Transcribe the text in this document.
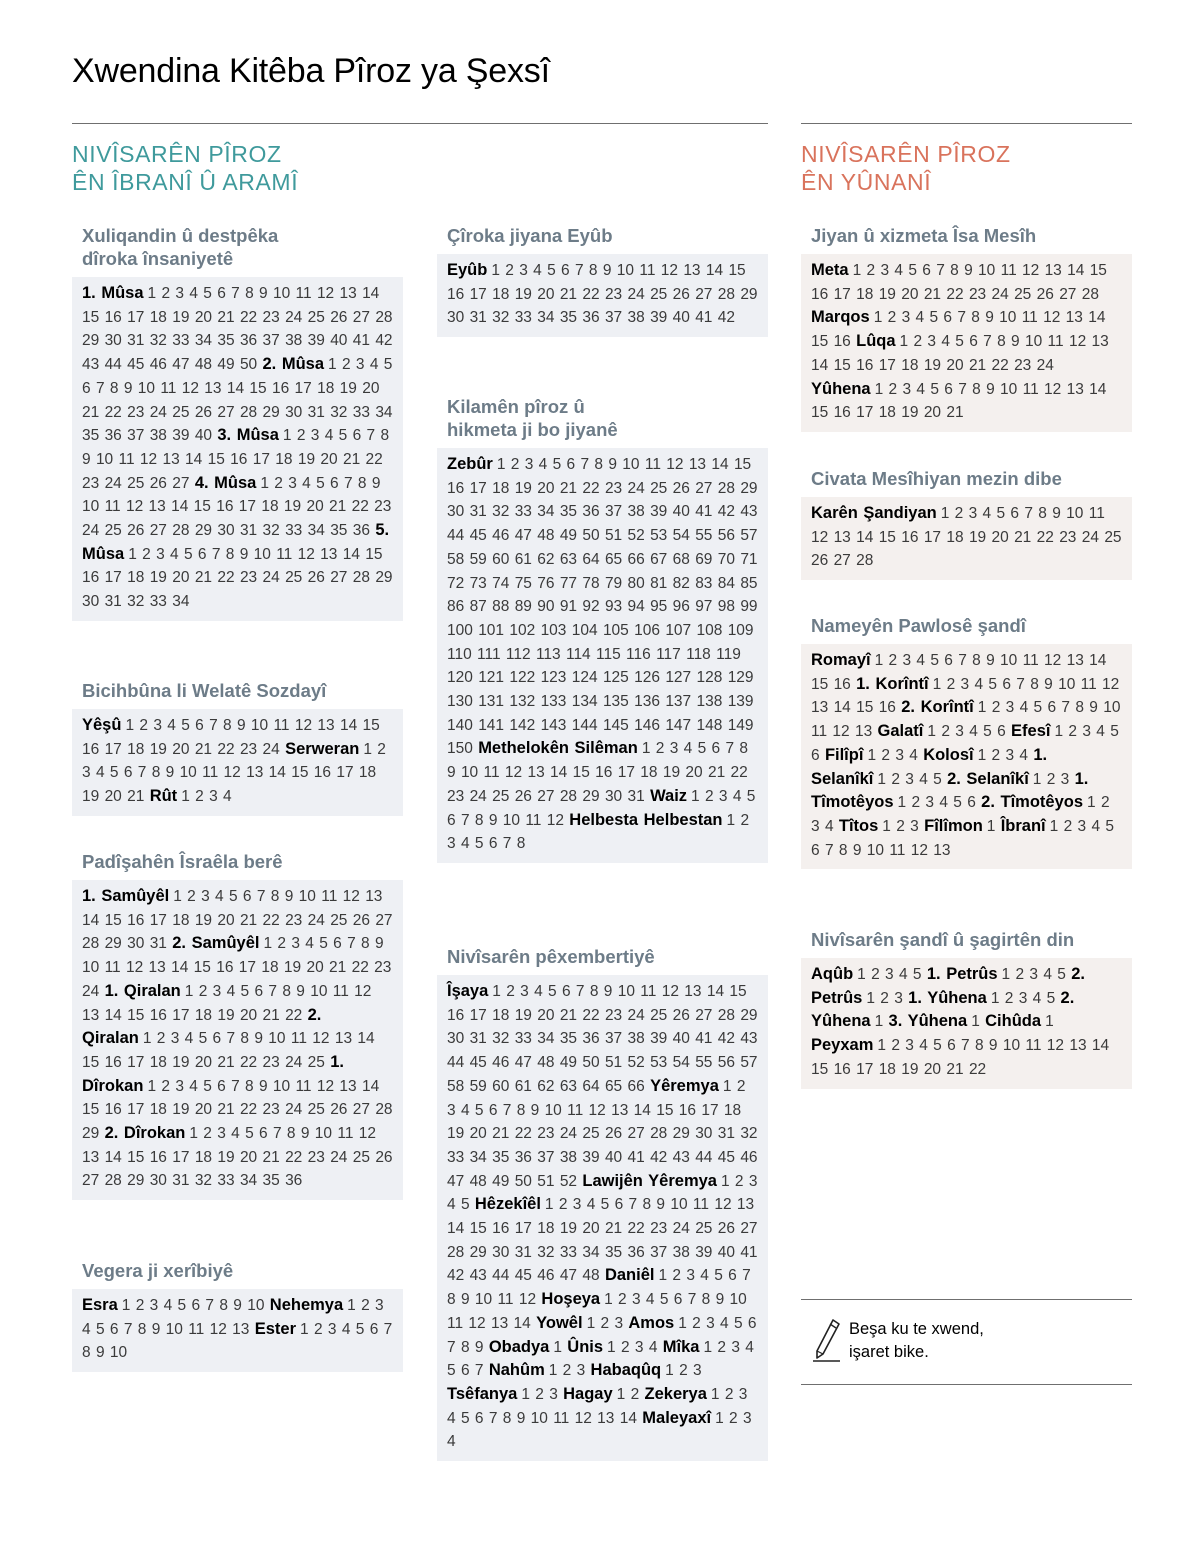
Xwendina Kitêba Pîroz ya Şexsî
NIVÎSARÊN PÎROZ
ÊN ÎBRANÎ Û ARAMÎ
NIVÎSARÊN PÎROZ
ÊN YÛNANÎ
Xuliqandin û destpêka
dîroka însaniyetê
1. Mûsa 1 2 3 4 5 6 7 8 9 10 11 12 13 14 15 16 17 18 19 20 21 22 23 24 25 26 27 28 29 30 31 32 33 34 35 36 37 38 39 40 41 42 43 44 45 46 47 48 49 50 2. Mûsa 1 2 3 4 5 6 7 8 9 10 11 12 13 14 15 16 17 18 19 20 21 22 23 24 25 26 27 28 29 30 31 32 33 34 35 36 37 38 39 40 3. Mûsa 1 2 3 4 5 6 7 8 9 10 11 12 13 14 15 16 17 18 19 20 21 22 23 24 25 26 27 4. Mûsa 1 2 3 4 5 6 7 8 9 10 11 12 13 14 15 16 17 18 19 20 21 22 23 24 25 26 27 28 29 30 31 32 33 34 35 36 5. Mûsa 1 2 3 4 5 6 7 8 9 10 11 12 13 14 15 16 17 18 19 20 21 22 23 24 25 26 27 28 29 30 31 32 33 34
Bicihbûna li Welatê Sozdayî
Yêşû 1 2 3 4 5 6 7 8 9 10 11 12 13 14 15 16 17 18 19 20 21 22 23 24 Serweran 1 2 3 4 5 6 7 8 9 10 11 12 13 14 15 16 17 18 19 20 21 Rût 1 2 3 4
Padîşahên Îsraêla berê
1. Samûyêl 1 2 3 4 5 6 7 8 9 10 11 12 13 14 15 16 17 18 19 20 21 22 23 24 25 26 27 28 29 30 31 2. Samûyêl 1 2 3 4 5 6 7 8 9 10 11 12 13 14 15 16 17 18 19 20 21 22 23 24 1. Qiralan 1 2 3 4 5 6 7 8 9 10 11 12 13 14 15 16 17 18 19 20 21 22 2. Qiralan 1 2 3 4 5 6 7 8 9 10 11 12 13 14 15 16 17 18 19 20 21 22 23 24 25 1. Dîrokan 1 2 3 4 5 6 7 8 9 10 11 12 13 14 15 16 17 18 19 20 21 22 23 24 25 26 27 28 29 2. Dîrokan 1 2 3 4 5 6 7 8 9 10 11 12 13 14 15 16 17 18 19 20 21 22 23 24 25 26 27 28 29 30 31 32 33 34 35 36
Vegera ji xerîbiyê
Esra 1 2 3 4 5 6 7 8 9 10 Nehemya 1 2 3 4 5 6 7 8 9 10 11 12 13 Ester 1 2 3 4 5 6 7 8 9 10
Çîroka jiyana Eyûb
Eyûb 1 2 3 4 5 6 7 8 9 10 11 12 13 14 15 16 17 18 19 20 21 22 23 24 25 26 27 28 29 30 31 32 33 34 35 36 37 38 39 40 41 42
Kilamên pîroz û
hikmeta ji bo jiyanê
Zebûr 1 2 3 4 5 6 7 8 9 10 11 12 13 14 15 16 17 18 19 20 21 22 23 24 25 26 27 28 29 30 31 32 33 34 35 36 37 38 39 40 41 42 43 44 45 46 47 48 49 50 51 52 53 54 55 56 57 58 59 60 61 62 63 64 65 66 67 68 69 70 71 72 73 74 75 76 77 78 79 80 81 82 83 84 85 86 87 88 89 90 91 92 93 94 95 96 97 98 99 100 101 102 103 104 105 106 107 108 109 110 111 112 113 114 115 116 117 118 119 120 121 122 123 124 125 126 127 128 129 130 131 132 133 134 135 136 137 138 139 140 141 142 143 144 145 146 147 148 149 150 Methelokên Silêman 1 2 3 4 5 6 7 8 9 10 11 12 13 14 15 16 17 18 19 20 21 22 23 24 25 26 27 28 29 30 31 Waiz 1 2 3 4 5 6 7 8 9 10 11 12 Helbesta Helbestan 1 2 3 4 5 6 7 8
Nivîsarên pêxembertiyê
Îşaya 1 2 3 4 5 6 7 8 9 10 11 12 13 14 15 16 17 18 19 20 21 22 23 24 25 26 27 28 29 30 31 32 33 34 35 36 37 38 39 40 41 42 43 44 45 46 47 48 49 50 51 52 53 54 55 56 57 58 59 60 61 62 63 64 65 66 Yêremya 1 2 3 4 5 6 7 8 9 10 11 12 13 14 15 16 17 18 19 20 21 22 23 24 25 26 27 28 29 30 31 32 33 34 35 36 37 38 39 40 41 42 43 44 45 46 47 48 49 50 51 52 Lawijên Yêremya 1 2 3 4 5 Hêzekîêl 1 2 3 4 5 6 7 8 9 10 11 12 13 14 15 16 17 18 19 20 21 22 23 24 25 26 27 28 29 30 31 32 33 34 35 36 37 38 39 40 41 42 43 44 45 46 47 48 Daniêl 1 2 3 4 5 6 7 8 9 10 11 12 Hoşeya 1 2 3 4 5 6 7 8 9 10 11 12 13 14 Yowêl 1 2 3 Amos 1 2 3 4 5 6 7 8 9 Obadya 1 Ûnis 1 2 3 4 Mîka 1 2 3 4 5 6 7 Nahûm 1 2 3 Habaqûq 1 2 3 Tsêfanya 1 2 3 Hagay 1 2 Zekerya 1 2 3 4 5 6 7 8 9 10 11 12 13 14 Maleyaxî 1 2 3 4
Jiyan û xizmeta Îsa Mesîh
Meta 1 2 3 4 5 6 7 8 9 10 11 12 13 14 15 16 17 18 19 20 21 22 23 24 25 26 27 28 Marqos 1 2 3 4 5 6 7 8 9 10 11 12 13 14 15 16 Lûqa 1 2 3 4 5 6 7 8 9 10 11 12 13 14 15 16 17 18 19 20 21 22 23 24 Yûhena 1 2 3 4 5 6 7 8 9 10 11 12 13 14 15 16 17 18 19 20 21
Civata Mesîhiyan mezin dibe
Karên Şandiyan 1 2 3 4 5 6 7 8 9 10 11 12 13 14 15 16 17 18 19 20 21 22 23 24 25 26 27 28
Nameyên Pawlosê şandî
Romayî 1 2 3 4 5 6 7 8 9 10 11 12 13 14 15 16 1. Korîntî 1 2 3 4 5 6 7 8 9 10 11 12 13 14 15 16 2. Korîntî 1 2 3 4 5 6 7 8 9 10 11 12 13 Galatî 1 2 3 4 5 6 Efesî 1 2 3 4 5 6 Filîpî 1 2 3 4 Kolosî 1 2 3 4 1. Selanîkî 1 2 3 4 5 2. Selanîkî 1 2 3 1. Tîmotêyos 1 2 3 4 5 6 2. Tîmotêyos 1 2 3 4 Tîtos 1 2 3 Fîlîmon 1 Îbranî 1 2 3 4 5 6 7 8 9 10 11 12 13
Nivîsarên şandî û şagirtên din
Aqûb 1 2 3 4 5 1. Petrûs 1 2 3 4 5 2. Petrûs 1 2 3 1. Yûhena 1 2 3 4 5 2. Yûhena 1 3. Yûhena 1 Cihûda 1 Peyxam 1 2 3 4 5 6 7 8 9 10 11 12 13 14 15 16 17 18 19 20 21 22
Beşa ku te xwend,
işaret bike.
